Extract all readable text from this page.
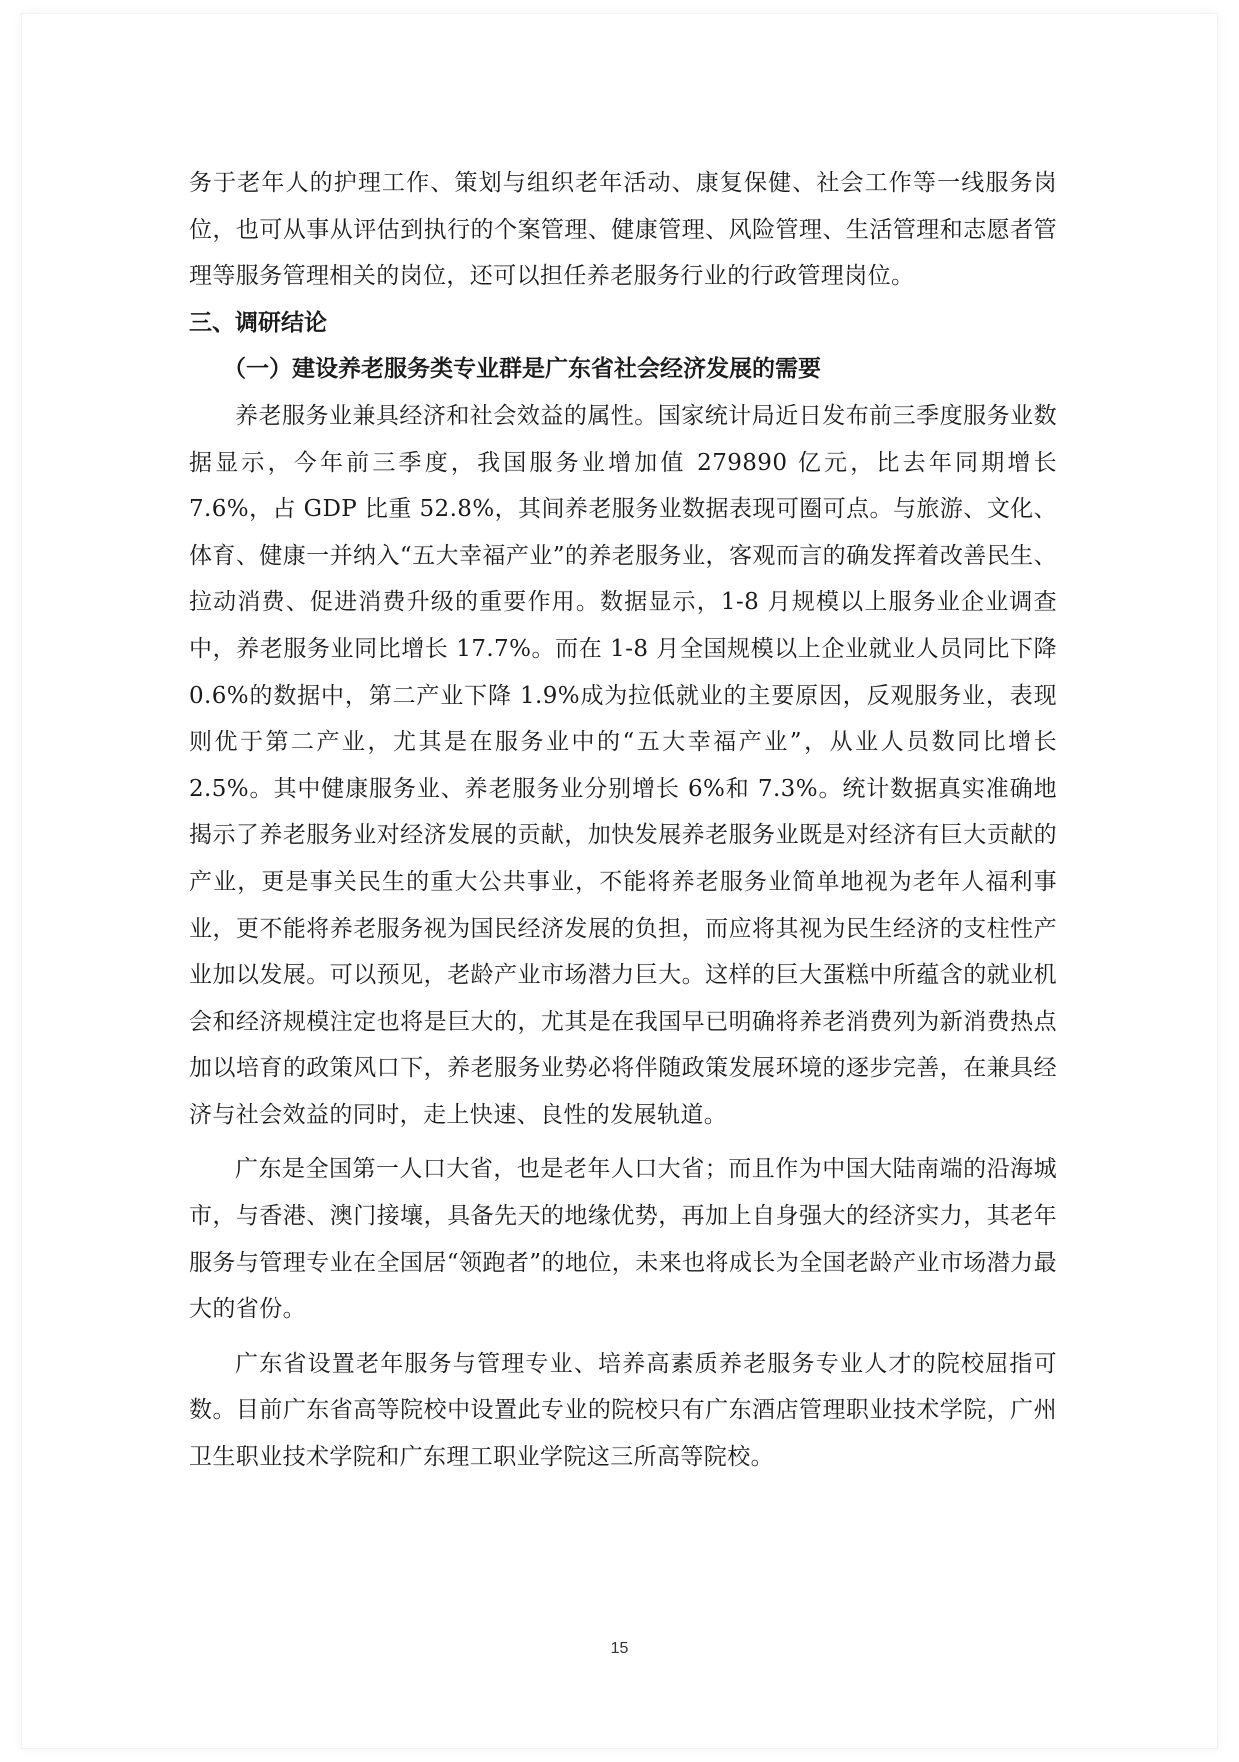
务于老年人的护理工作、策划与组织老年活动、康复保健、社会工作等一线服务岗位，也可从事从评估到执行的个案管理、健康管理、风险管理、生活管理和志愿者管理等服务管理相关的岗位，还可以担任养老服务行业的行政管理岗位。

三、调研结论

（一）建设养老服务类专业群是广东省社会经济发展的需要

养老服务业兼具经济和社会效益的属性。国家统计局近日发布前三季度服务业数据显示，今年前三季度，我国服务业增加值 279890 亿元，比去年同期增长 7.6%，占 GDP 比重 52.8%，其间养老服务业数据表现可圈可点。与旅游、文化、体育、健康一并纳入“五大幸福产业”的养老服务业，客观而言的确发挥着改善民生、拉动消费、促进消费升级的重要作用。数据显示，1-8 月规模以上服务业企业调查中，养老服务业同比增长 17.7%。而在 1-8 月全国规模以上企业就业人员同比下降 0.6%的数据中，第二产业下降 1.9%成为拉低就业的主要原因，反观服务业，表现则优于第二产业，尤其是在服务业中的“五大幸福产业”，从业人员数同比增长 2.5%。其中健康服务业、养老服务业分别增长 6%和 7.3%。统计数据真实准确地揭示了养老服务业对经济发展的贡献，加快发展养老服务业既是对经济有巨大贡献的产业，更是事关民生的重大公共事业，不能将养老服务业简单地视为老年人福利事业，更不能将养老服务视为国民经济发展的负担，而应将其视为民生经济的支柱性产业加以发展。可以预见，老龄产业市场潜力巨大。这样的巨大蛋糕中所蕴含的就业机会和经济规模注定也将是巨大的，尤其是在我国早已明确将养老消费列为新消费热点加以培育的政策风口下，养老服务业势必将伴随政策发展环境的逐步完善，在兼具经济与社会效益的同时，走上快速、良性的发展轨道。

广东是全国第一人口大省，也是老年人口大省；而且作为中国大陆南端的沿海城市，与香港、澳门接壤，具备先天的地缘优势，再加上自身强大的经济实力，其老年服务与管理专业在全国居“领跑者”的地位，未来也将成长为全国老龄产业市场潜力最大的省份。

广东省设置老年服务与管理专业、培养高素质养老服务专业人才的院校屈指可数。目前广东省高等院校中设置此专业的院校只有广东酒店管理职业技术学院，广州卫生职业技术学院和广东理工职业学院这三所高等院校。

15
